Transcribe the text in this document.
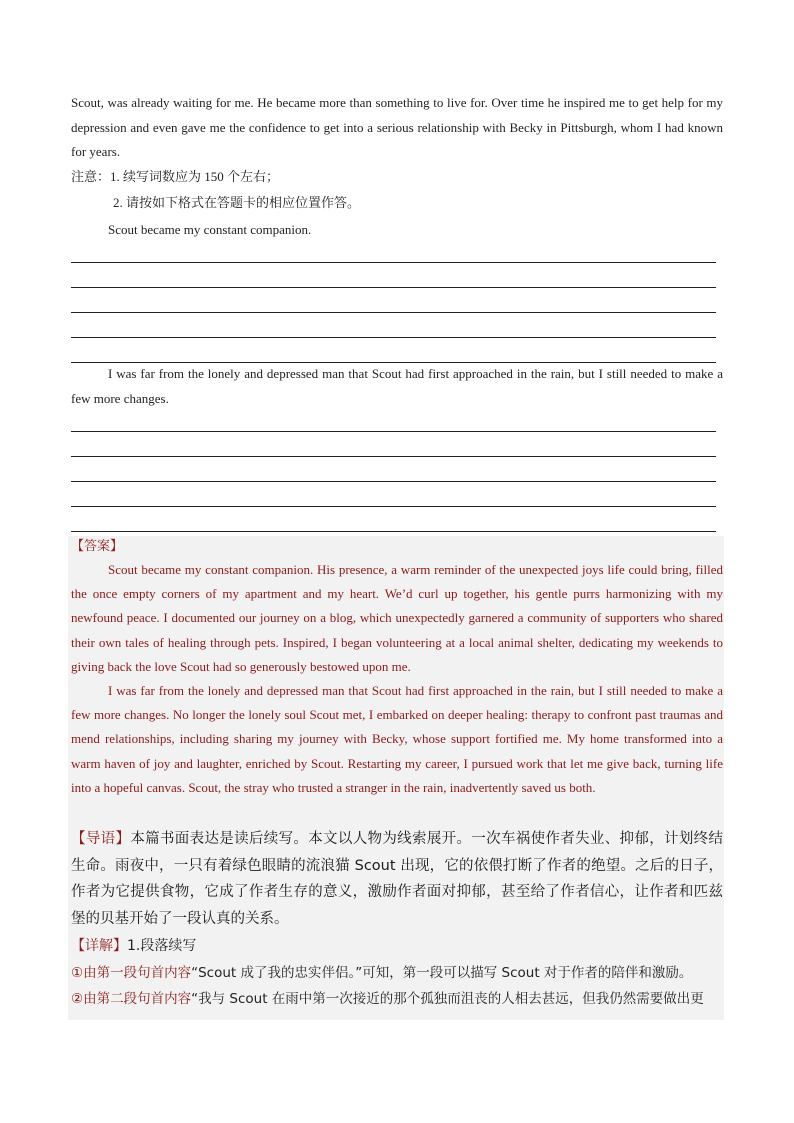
Scout, was already waiting for me. He became more than something to live for. Over time he inspired me to get help for my depression and even gave me the confidence to get into a serious relationship with Becky in Pittsburgh, whom I had known for years.

注意：1. 续写词数应为 150 个左右；

2. 请按如下格式在答题卡的相应位置作答。

Scout became my constant companion.

I was far from the lonely and depressed man that Scout had first approached in the rain, but I still needed to make a few more changes.

【答案】

Scout became my constant companion. His presence, a warm reminder of the unexpected joys life could bring, filled the once empty corners of my apartment and my heart. We’d curl up together, his gentle purrs harmonizing with my newfound peace. I documented our journey on a blog, which unexpectedly garnered a community of supporters who shared their own tales of healing through pets. Inspired, I began volunteering at a local animal shelter, dedicating my weekends to giving back the love Scout had so generously bestowed upon me.

I was far from the lonely and depressed man that Scout had first approached in the rain, but I still needed to make a few more changes. No longer the lonely soul Scout met, I embarked on deeper healing: therapy to confront past traumas and mend relationships, including sharing my journey with Becky, whose support fortified me. My home transformed into a warm haven of joy and laughter, enriched by Scout. Restarting my career, I pursued work that let me give back, turning life into a hopeful canvas. Scout, the stray who trusted a stranger in the rain, inadvertently saved us both.

【导语】本篇书面表达是读后续写。本文以人物为线索展开。一次车祸使作者失业、抑郁，计划终结生命。雨夜中，一只有着绿色眼睛的流浪猫 Scout 出现，它的依偎打断了作者的绝望。之后的日子，作者为它提供食物，它成了作者生存的意义，激励作者面对抑郁，甚至给了作者信心，让作者和匹兹堡的贝基开始了一段认真的关系。

【详解】1.段落续写

①由第一段句首内容“Scout 成了我的忠实伴侣。”可知，第一段可以描写 Scout 对于作者的陪伴和激励。

②由第二段句首内容“我与 Scout 在雨中第一次接近的那个孤独而沮丧的人相去甚远，但我仍然需要做出更
